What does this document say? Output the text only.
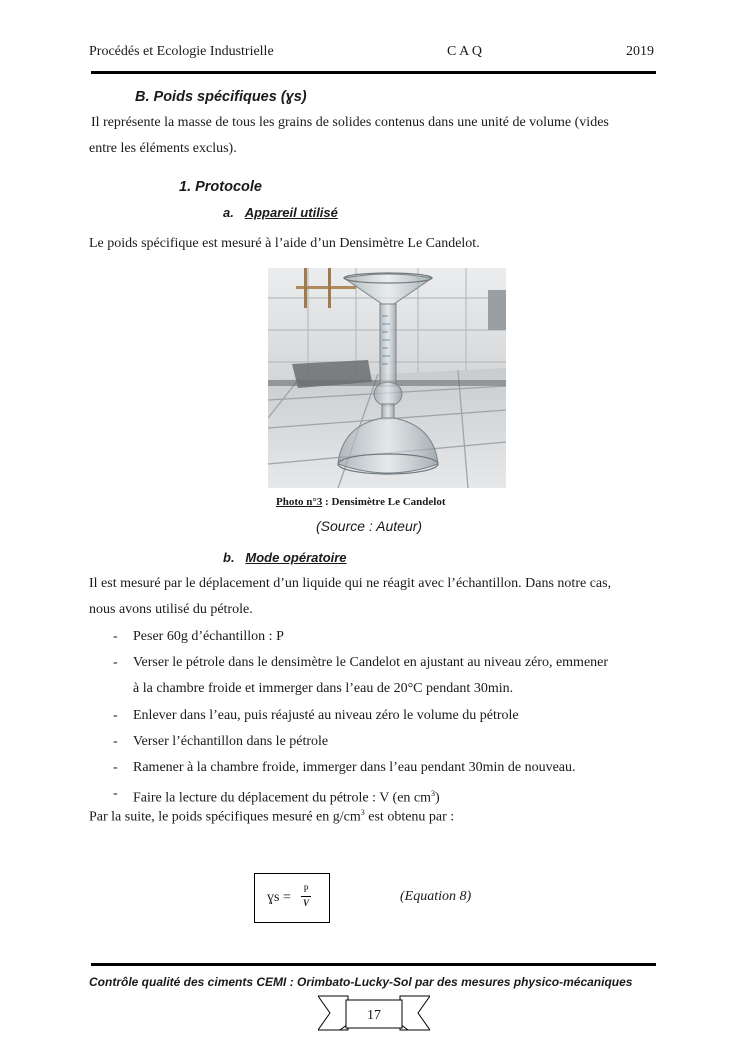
Procédés et Ecologie Industrielle	C A Q	2019
B. Poids spécifiques (ɣs)
Il représente la masse de tous les grains de solides contenus dans une unité de volume (vides
entre les éléments exclus).
1. Protocole
a. Appareil utilisé
Le poids spécifique est mesuré à l’aide d’un Densimètre Le Candelot.
Photo n°3 : Densimètre Le Candelot
(Source : Auteur)
b. Mode opératoire
Il est mesuré par le déplacement d’un liquide qui ne réagit avec l’échantillon. Dans notre cas,
nous avons utilisé du pétrole.
- Peser 60g d’échantillon : P
- Verser le pétrole dans le densimètre le Candelot en ajustant au niveau zéro, emmener
à la chambre froide et immerger dans l’eau de 20°C pendant 30min.
- Enlever dans l’eau, puis réajusté au niveau zéro le volume du pétrole
- Verser l’échantillon dans le pétrole
- Ramener à la chambre froide, immerger dans l’eau pendant 30min de nouveau.
- Faire la lecture du déplacement du pétrole : V (en $cm^3$)
Par la suite, le poids spécifiques mesuré en $g/cm^3$ est obtenu par :
ɣs =
P
V	(Equation 8)
Contrôle qualité des ciments CEMI : Orimbato-Lucky-Sol par des mesures physico-mécaniques
17
